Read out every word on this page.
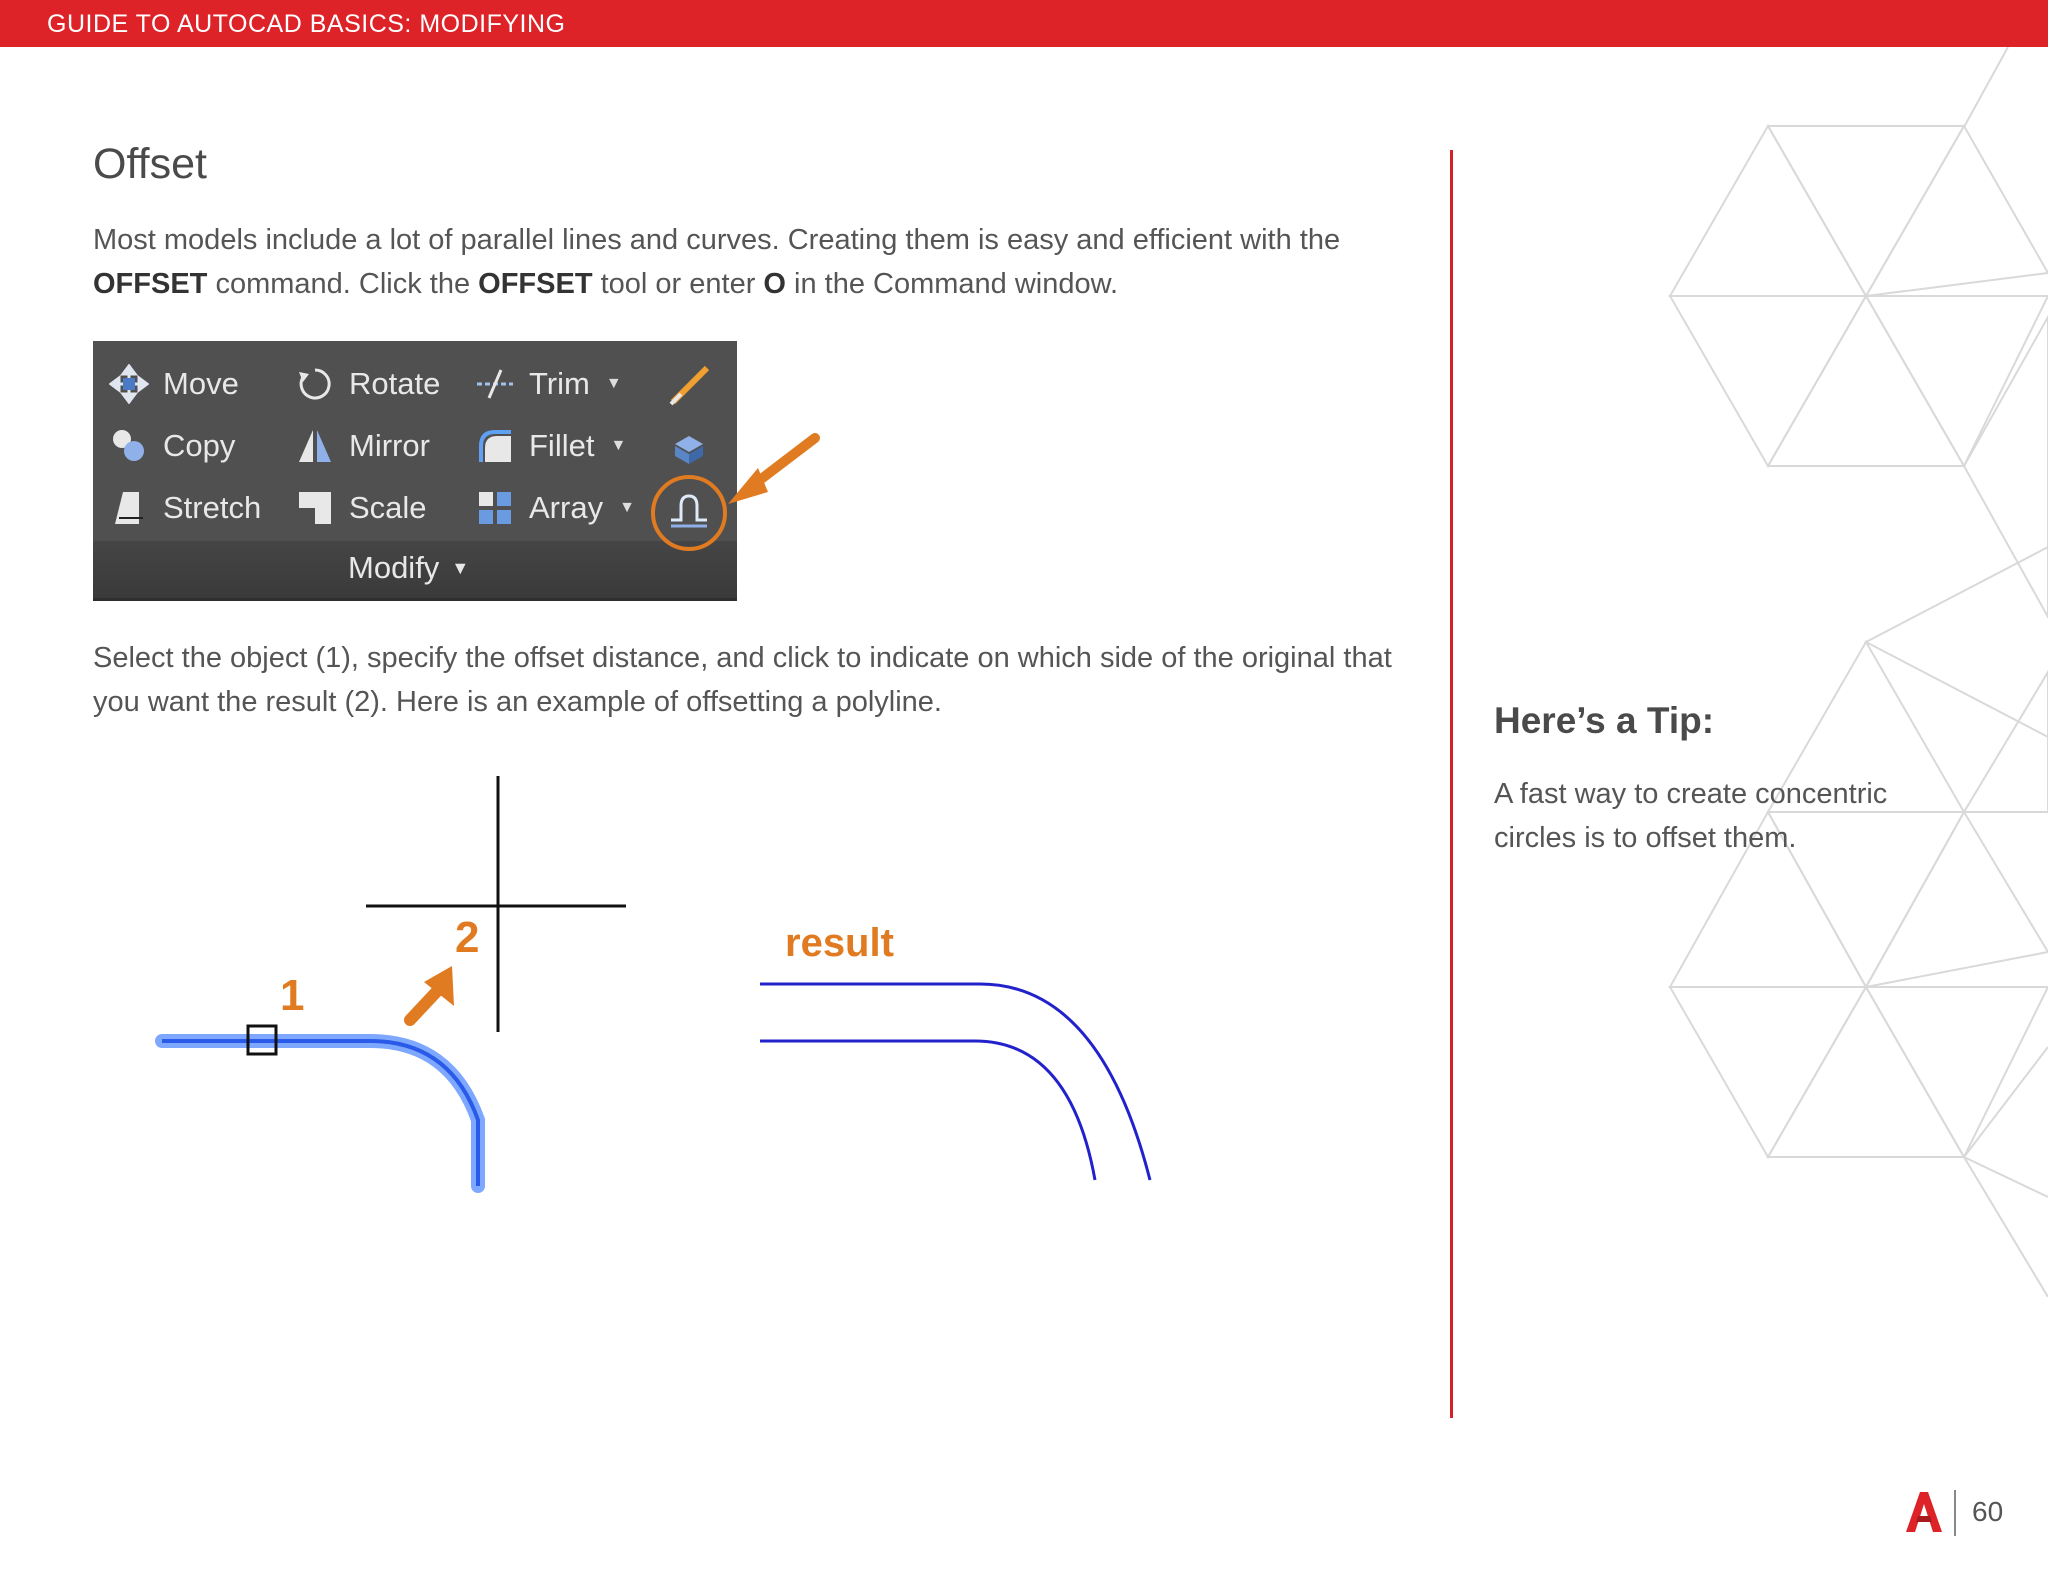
GUIDE TO AUTOCAD BASICS: MODIFYING
Offset

Most models include a lot of parallel lines and curves. Creating them is easy and efficient with the OFFSET command. Click the OFFSET tool or enter O in the Command window.

Move	Rotate	Trim ▼
Copy	Mirror	Fillet ▼
Stretch	Scale	Array ▼
Modify ▼

Select the object (1), specify the offset distance, and click to indicate on which side of the original that you want the result (2). Here is an example of offsetting a polyline.

1
2	result
Here’s a Tip:

A fast way to create concentric circles is to offset them.

60
